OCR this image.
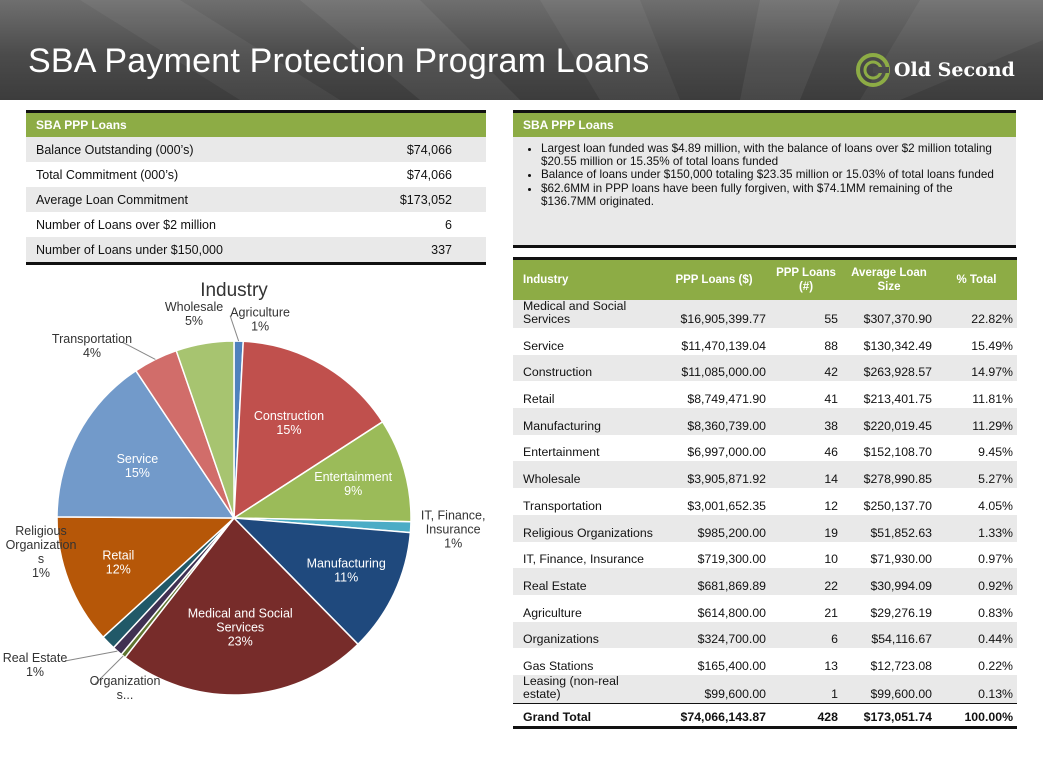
SBA Payment Protection Program Loans	Old Second
SBA PPP Loans	
Balance Outstanding (000’s)	$74,066
Total Commitment (000’s)	$74,066
Average Loan Commitment	$173,052
Number of Loans over $2 million	6
Number of Loans under $150,000	337
SBA PPP Loans
• Largest loan funded was $4.89 million, with the balance of loans over $2 million totaling $20.55 million or 15.35% of total loans funded
• Balance of loans under $150,000 totaling $23.35 million or 15.03% of total loans funded
• $62.6MM in PPP loans have been fully forgiven, with $74.1MM remaining of the $136.7MM originated.
Industry	PPP Loans ($)	PPP Loans (#)	Average Loan Size	% Total
Medical and Social Services	$16,905,399.77	55	$307,370.90	22.82%
Service	$11,470,139.04	88	$130,342.49	15.49%
Construction	$11,085,000.00	42	$263,928.57	14.97%
Retail	$8,749,471.90	41	$213,401.75	11.81%
Manufacturing	$8,360,739.00	38	$220,019.45	11.29%
Entertainment	$6,997,000.00	46	$152,108.70	9.45%
Wholesale	$3,905,871.92	14	$278,990.85	5.27%
Transportation	$3,001,652.35	12	$250,137.70	4.05%
Religious Organizations	$985,200.00	19	$51,852.63	1.33%
IT, Finance, Insurance	$719,300.00	10	$71,930.00	0.97%
Real Estate	$681,869.89	22	$30,994.09	0.92%
Agriculture	$614,800.00	21	$29,276.19	0.83%
Organizations	$324,700.00	6	$54,116.67	0.44%
Gas Stations	$165,400.00	13	$12,723.08	0.22%
Leasing (non-real estate)	$99,600.00	1	$99,600.00	0.13%
Grand Total	$74,066,143.87	428	$173,051.74	100.00%
Industry
Agriculture 1%
Construction 15%
Entertainment 9%
IT, Finance, Insurance 1%
Manufacturing 11%
Medical and Social Services 23%
Organization s...
Real Estate 1%
Religious Organization s 1%
Retail 12%
Service 15%
Transportation 4%
Wholesale 5%
